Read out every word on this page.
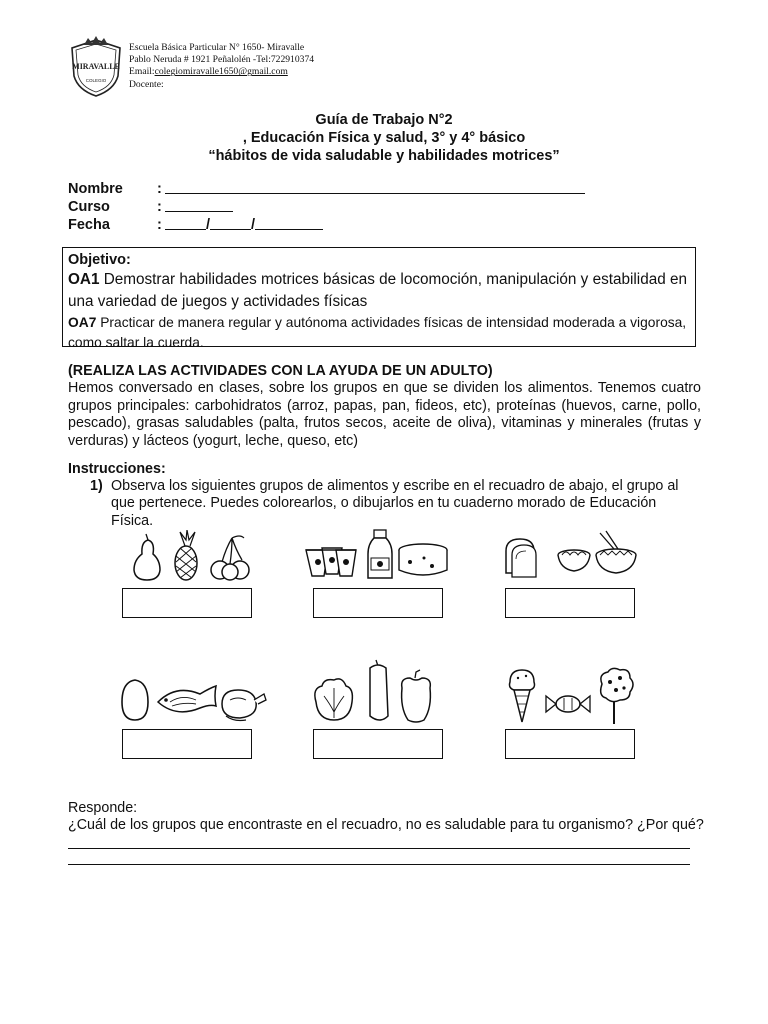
MIRAVALLE
COLEGIO
Escuela Básica Particular N° 1650- Miravalle
Pablo Neruda # 1921 Peñalolén -Tel:722910374
Email:colegiomiravalle1650@gmail.com
Docente:
Guía de Trabajo N°2
, Educación Física y salud, 3° y 4° básico
“hábitos de vida saludable y habilidades motrices”
Nombre	:
Curso	:
Fecha	:	/	/
Objetivo:
OA1 Demostrar habilidades motrices básicas de locomoción, manipulación y estabilidad en una variedad de juegos y actividades físicas
OA7 Practicar de manera regular y autónoma actividades físicas de intensidad moderada a vigorosa, como saltar la cuerda.
(REALIZA LAS ACTIVIDADES CON LA AYUDA DE UN ADULTO)
Hemos conversado en clases, sobre los grupos en que se dividen los alimentos. Tenemos cuatro grupos principales: carbohidratos (arroz, papas, pan, fideos, etc), proteínas (huevos, carne, pollo, pescado), grasas saludables (palta, frutos secos, aceite de oliva), vitaminas y minerales (frutas y verduras) y lácteos (yogurt, leche, queso, etc)
Instrucciones:
1) Observa los siguientes grupos de alimentos y escribe en el recuadro de abajo, el grupo al que pertenece. Puedes colorearlos, o dibujarlos en tu cuaderno morado de Educación Física.
Responde:
¿Cuál de los grupos que encontraste en el recuadro, no es saludable para tu organismo? ¿Por qué?
